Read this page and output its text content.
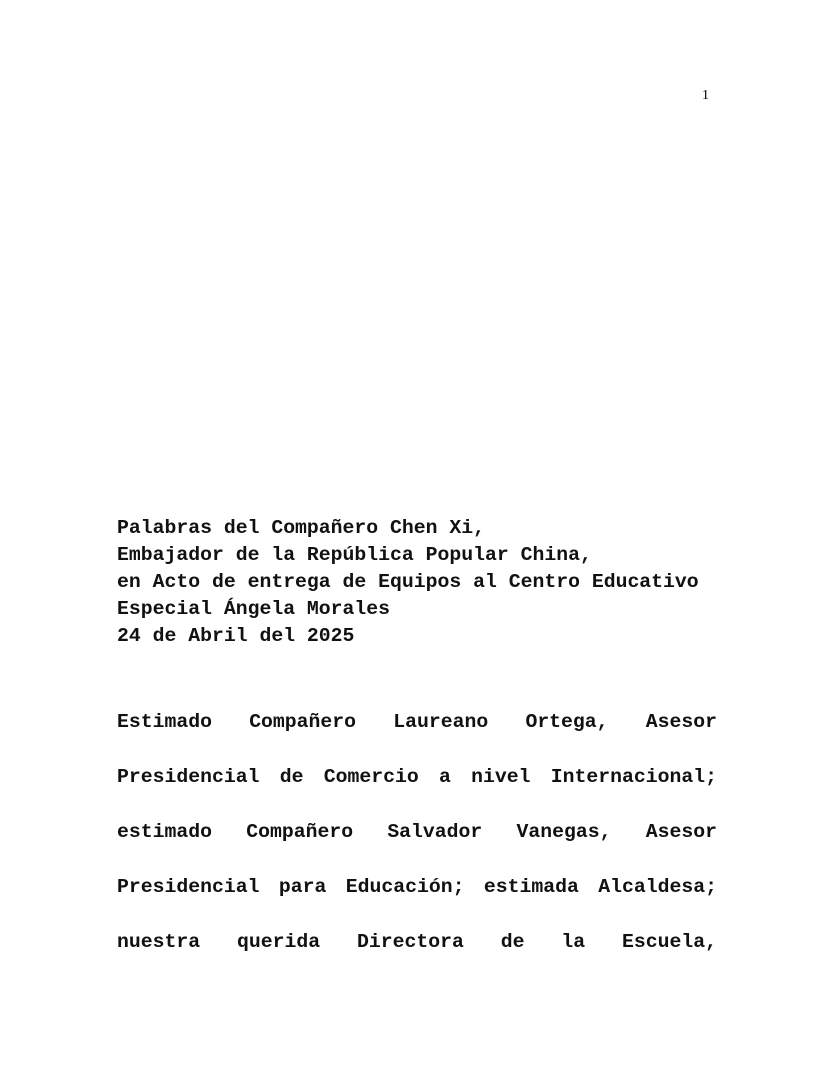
1
Palabras del Compañero Chen Xi,
Embajador de la República Popular China,
en Acto de entrega de Equipos al Centro Educativo
Especial Ángela Morales
24 de Abril del 2025
Estimado Compañero Laureano Ortega, Asesor
Presidencial de Comercio a nivel Internacional;
estimado Compañero Salvador Vanegas, Asesor
Presidencial para Educación; estimada Alcaldesa;
nuestra querida Directora de la Escuela,
